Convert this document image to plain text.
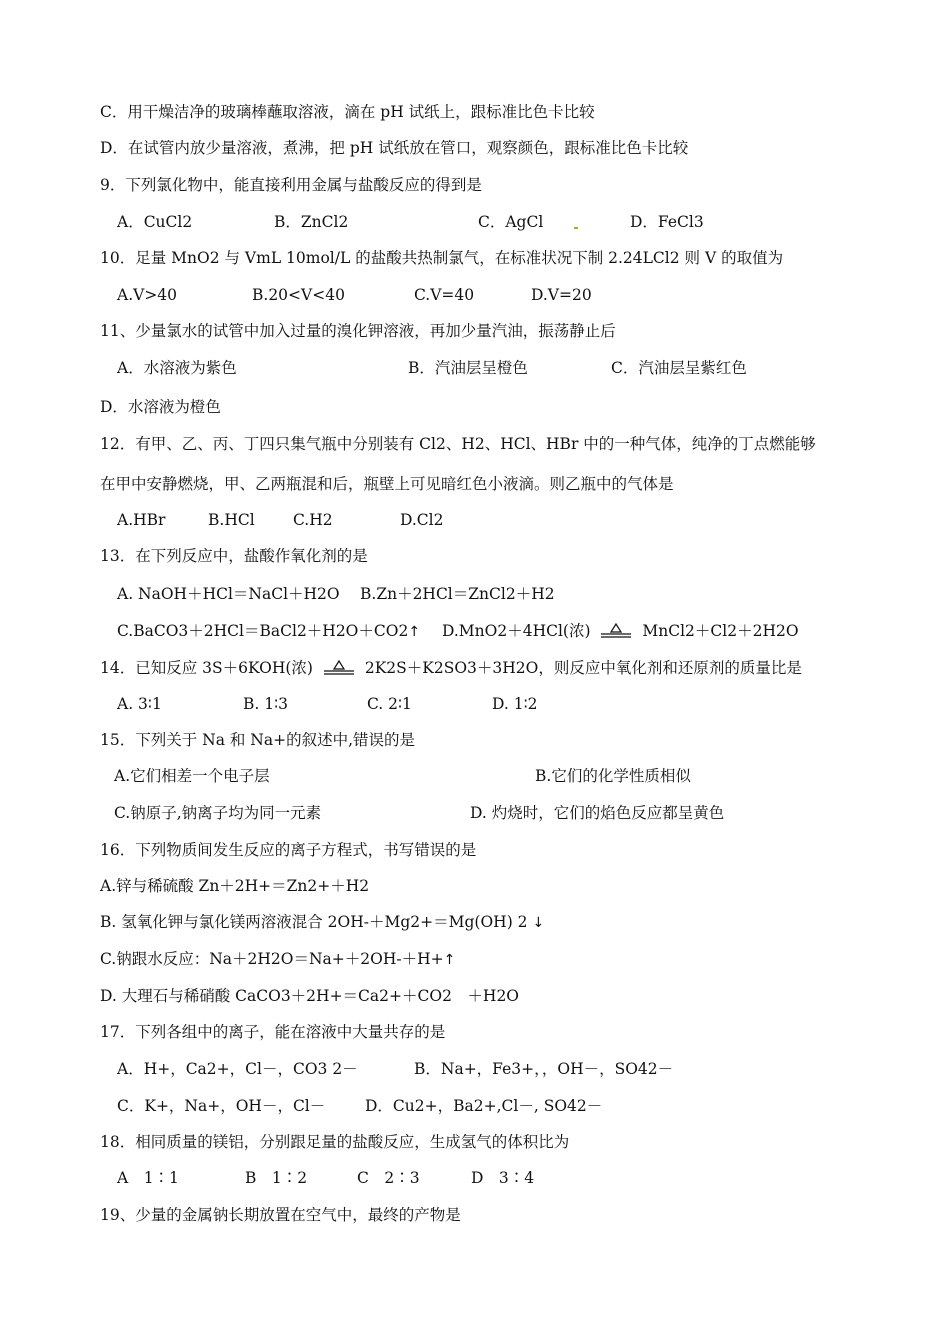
C．用干燥洁净的玻璃棒蘸取溶液，滴在 pH 试纸上，跟标准比色卡比较
D．在试管内放少量溶液，煮沸，把 pH 试纸放在管口，观察颜色，跟标准比色卡比较
9．下列氯化物中，能直接利用金属与盐酸反应的得到是
A．CuCl2	B．ZnCl2	C．AgCl	D．FeCl3
10．足量 MnO2 与 VmL 10mol/L 的盐酸共热制氯气，在标准状况下制 2.24LCl2 则 V 的取值为
A.V>40	B.20<V<40	C.V=40	D.V=20
11、少量氯水的试管中加入过量的溴化钾溶液，再加少量汽油，振荡静止后
A．水溶液为紫色	B．汽油层呈橙色	C．汽油层呈紫红色
D．水溶液为橙色
12．有甲、乙、丙、丁四只集气瓶中分别装有 Cl2、H2、HCl、HBr 中的一种气体，纯净的丁点燃能够
在甲中安静燃烧，甲、乙两瓶混和后，瓶壁上可见暗红色小液滴。则乙瓶中的气体是
A.HBr	B.HCl C.H2	D.Cl2
13．在下列反应中，盐酸作氧化剂的是
A. NaOH＋HCl＝NaCl＋H2O B.Zn＋2HCl＝ZnCl2＋H2
C.BaCO3＋2HCl＝BaCl2＋H2O＋CO2↑ D.MnO2＋4HCl(浓)	MnCl2＋Cl2＋2H2O
14．已知反应 3S＋6KOH(浓)	2K2S＋K2SO3＋3H2O，则反应中氧化剂和还原剂的质量比是
A. 3∶1	B. 1∶3	C. 2∶1	D. 1∶2
15．下列关于 Na 和 Na+的叙述中,错误的是
A.它们相差一个电子层	B.它们的化学性质相似
C.钠原子,钠离子均为同一元素	D. 灼烧时，它们的焰色反应都呈黄色
16．下列物质间发生反应的离子方程式，书写错误的是
A.锌与稀硫酸 Zn＋2H+＝Zn2+＋H2
B. 氢氧化钾与氯化镁两溶液混合 2OH-＋Mg2+＝Mg(OH) 2 ↓
C.钠跟水反应：Na＋2H2O＝Na+＋2OH-＋H+↑
D. 大理石与稀硝酸 CaCO3＋2H+＝Ca2+＋CO2　＋H2O
17．下列各组中的离子，能在溶液中大量共存的是
A．H+，Ca2+，Cl－，CO3 2－	B．Na+，Fe3+，，OH－，SO42－
C．K+，Na+，OH－，Cl－	D．Cu2+，Ba2+,Cl－, SO42－
18．相同质量的镁铝，分别跟足量的盐酸反应，生成氢气的体积比为
A　1∶1	B　1∶2	C　2∶3	D　3∶4
19、少量的金属钠长期放置在空气中，最终的产物是
